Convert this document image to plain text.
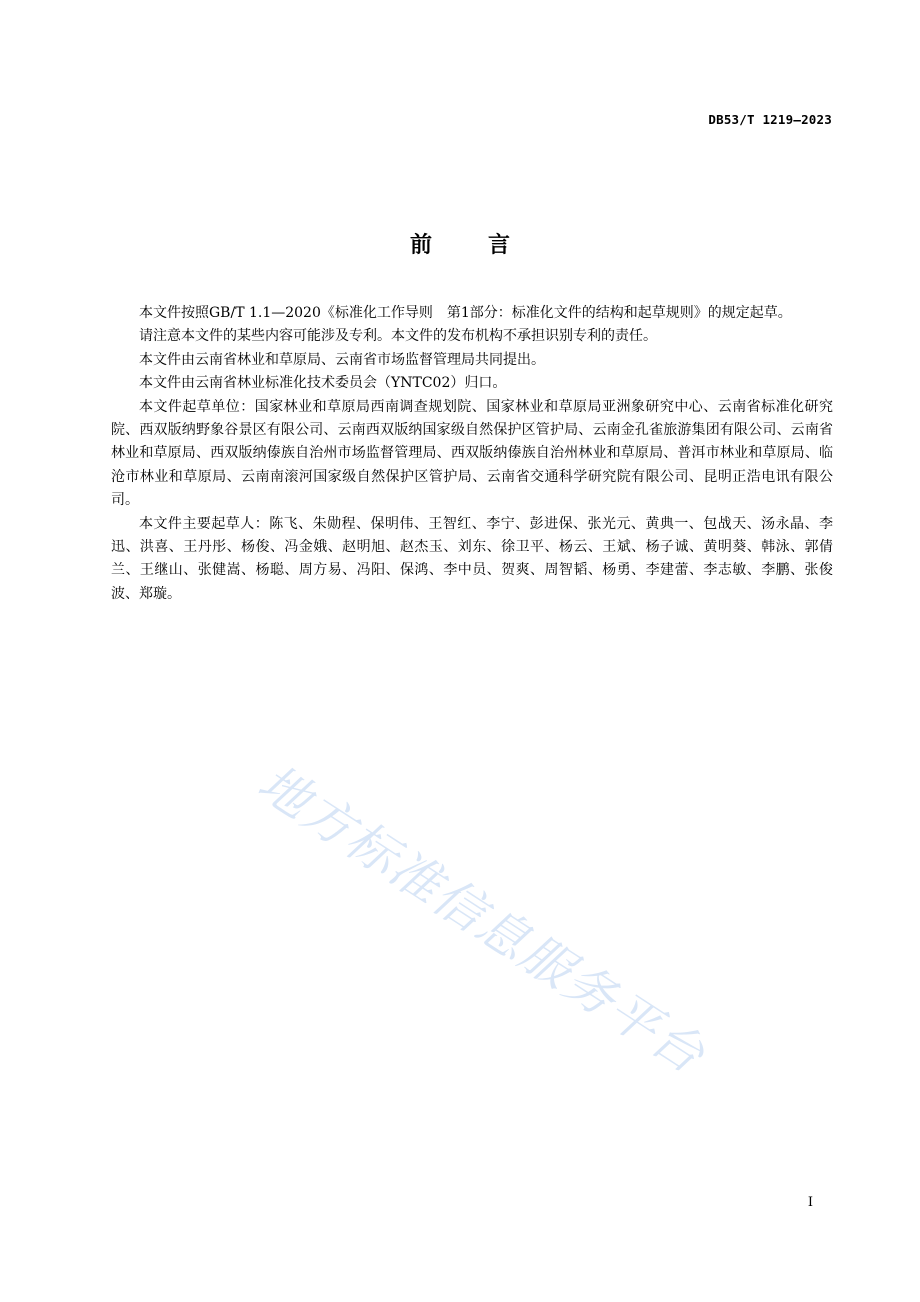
DB53/T 1219—2023
前言

本文件按照GB/T 1.1—2020《标准化工作导则　第1部分：标准化文件的结构和起草规则》的规定起草。

请注意本文件的某些内容可能涉及专利。本文件的发布机构不承担识别专利的责任。

本文件由云南省林业和草原局、云南省市场监督管理局共同提出。

本文件由云南省林业标准化技术委员会（YNTC02）归口。

本文件起草单位：国家林业和草原局西南调查规划院、国家林业和草原局亚洲象研究中心、云南省标准化研究院、西双版纳野象谷景区有限公司、云南西双版纳国家级自然保护区管护局、云南金孔雀旅游集团有限公司、云南省林业和草原局、西双版纳傣族自治州市场监督管理局、西双版纳傣族自治州林业和草原局、普洱市林业和草原局、临沧市林业和草原局、云南南滚河国家级自然保护区管护局、云南省交通科学研究院有限公司、昆明正浩电讯有限公司。

本文件主要起草人：陈飞、朱勋程、保明伟、王智红、李宁、彭进保、张光元、黄典一、包战天、汤永晶、李迅、洪喜、王丹彤、杨俊、冯金娥、赵明旭、赵杰玉、刘东、徐卫平、杨云、王斌、杨子诚、黄明葵、韩泳、郭倩兰、王继山、张健嵩、杨聪、周方易、冯阳、保鸿、李中员、贺爽、周智韬、杨勇、李建蕾、李志敏、李鹏、张俊波、郑璇。

地方标准信息服务平台
I
